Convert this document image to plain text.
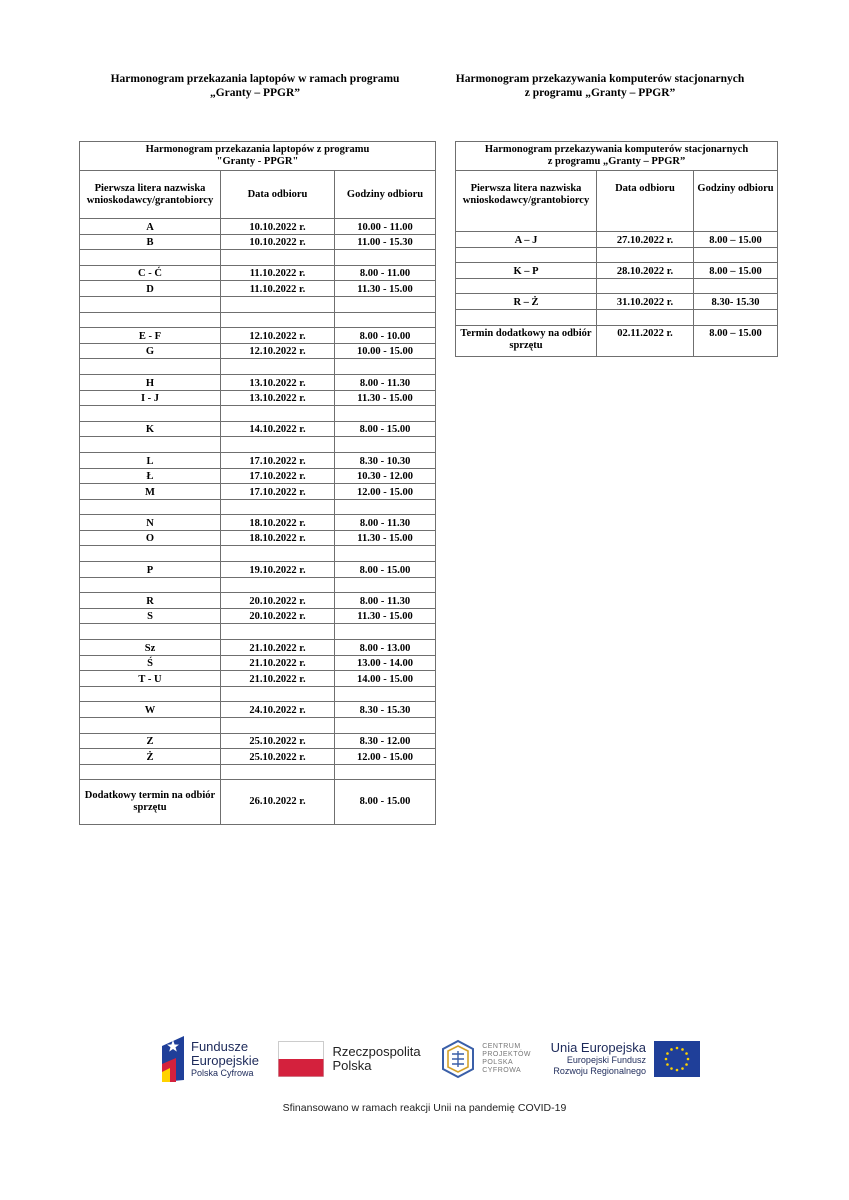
Harmonogram przekazania laptopów w ramach programu
„Granty – PPGR”
Harmonogram przekazywania komputerów stacjonarnych
z programu „Granty – PPGR”
Harmonogram przekazania laptopów z programu
"Granty - PPGR"
Pierwsza litera nazwiska wnioskodawcy/grantobiorcy	Data odbioru	Godziny odbioru
A	10.10.2022 r.	10.00 - 11.00
B	10.10.2022 r.	11.00 - 15.30

C - Ć	11.10.2022 r.	8.00 - 11.00
D	11.10.2022 r.	11.30 - 15.00

E - F	12.10.2022 r.	8.00 - 10.00
G	12.10.2022 r.	10.00 - 15.00

H	13.10.2022 r.	8.00 - 11.30
I - J	13.10.2022 r.	11.30 - 15.00

K	14.10.2022 r.	8.00 - 15.00

L	17.10.2022 r.	8.30 - 10.30
Ł	17.10.2022 r.	10.30 - 12.00
M	17.10.2022 r.	12.00 - 15.00

N	18.10.2022 r.	8.00 - 11.30
O	18.10.2022 r.	11.30 - 15.00

P	19.10.2022 r.	8.00 - 15.00

R	20.10.2022 r.	8.00 - 11.30
S	20.10.2022 r.	11.30 - 15.00

Sz	21.10.2022 r.	8.00 - 13.00
Ś	21.10.2022 r.	13.00 - 14.00
T - U	21.10.2022 r.	14.00 - 15.00

W	24.10.2022 r.	8.30 - 15.30

Z	25.10.2022 r.	8.30 - 12.00
Ż	25.10.2022 r.	12.00 - 15.00

Dodatkowy termin na odbiór sprzętu	26.10.2022 r.	8.00 - 15.00
Harmonogram przekazywania komputerów stacjonarnych
z programu „Granty – PPGR”
Pierwsza litera nazwiska wnioskodawcy/grantobiorcy	Data odbioru	Godziny odbioru
A – J	27.10.2022 r.	8.00 – 15.00

K – P	28.10.2022 r.	8.00 – 15.00

R – Ż	31.10.2022 r.	8.30- 15.30

Termin dodatkowy na odbiór sprzętu	02.11.2022 r.	8.00 – 15.00
Fundusze
Europejskie
Polska Cyfrowa
Rzeczpospolita
Polska
CENTRUM
PROJEKTÓW
POLSKA
CYFROWA
Unia Europejska
Europejski Fundusz
Rozwoju Regionalnego
Sfinansowano w ramach reakcji Unii na pandemię COVID-19
